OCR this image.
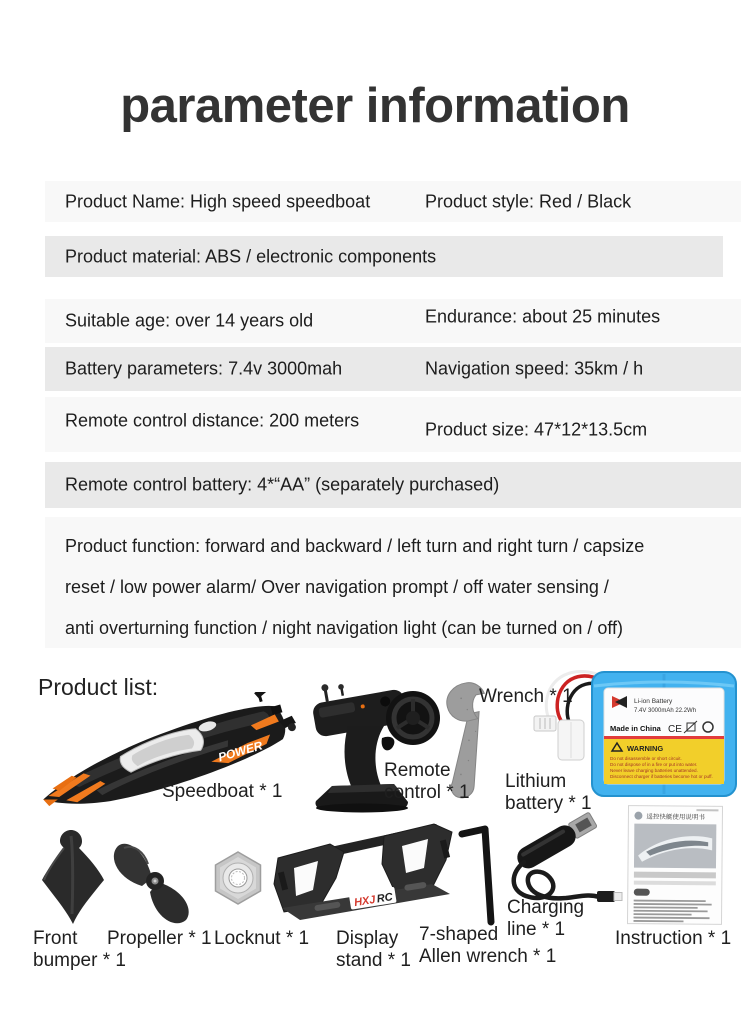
parameter information
Product Name: High speed speedboat	Product style: Red / Black
Product material: ABS / electronic components
Suitable age: over 14 years old	Endurance: about 25 minutes
Battery parameters: 7.4v 3000mah	Navigation speed: 35km / h
Remote control distance: 200 meters	Product size: 47*12*13.5cm
Remote control battery: 4*“AA” (separately purchased)
Product function: forward and backward / left turn and right turn / capsize
reset / low power alarm/ Over navigation prompt / off water sensing /
anti overturning function / night navigation light (can be turned on / off)
Product list:
POWER
Li-ion Battery
7.4V 3000mAh 22.2Wh
Made in China CE
WARNING
Do not disassemble or short circuit.
Do not dispose of in a fire or put into water.
Never leave charging batteries unattended.
Disconnect charger if batteries become hot or puff.
HXJ RC
遥控快艇使用说明书
Speedboat * 1
Remote
control * 1
Wrench * 1
Lithium
battery * 1
Front
bumper * 1
Propeller * 1 Locknut * 1 Display
stand * 1
7-shaped
Allen wrench * 1
Charging
line * 1	Instruction * 1
